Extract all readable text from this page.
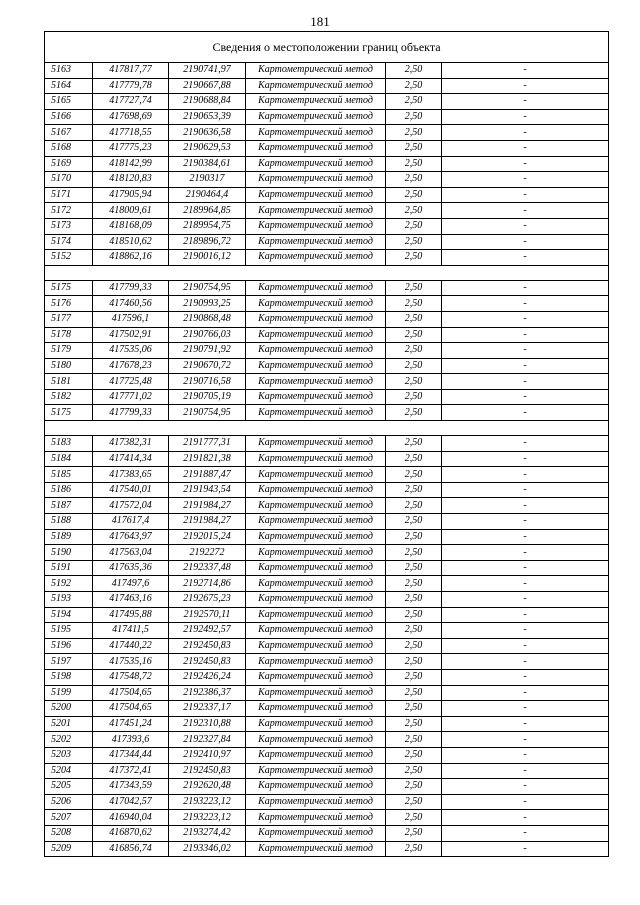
181
Сведения о местоположении границ объекта					
5163	417817,77	2190741,97	Картометрический метод	2,50	-
5164	417779,78	2190667,88	Картометрический метод	2,50	-
5165	417727,74	2190688,84	Картометрический метод	2,50	-
5166	417698,69	2190653,39	Картометрический метод	2,50	-
5167	417718,55	2190636,58	Картометрический метод	2,50	-
5168	417775,23	2190629,53	Картометрический метод	2,50	-
5169	418142,99	2190384,61	Картометрический метод	2,50	-
5170	418120,83	2190317	Картометрический метод	2,50	-
5171	417905,94	2190464,4	Картометрический метод	2,50	-
5172	418009,61	2189964,85	Картометрический метод	2,50	-
5173	418168,09	2189954,75	Картометрический метод	2,50	-
5174	418510,62	2189896,72	Картометрический метод	2,50	-
5152	418862,16	2190016,12	Картометрический метод	2,50	-

5175	417799,33	2190754,95	Картометрический метод	2,50	-
5176	417460,56	2190993,25	Картометрический метод	2,50	-
5177	417596,1	2190868,48	Картометрический метод	2,50	-
5178	417502,91	2190766,03	Картометрический метод	2,50	-
5179	417535,06	2190791,92	Картометрический метод	2,50	-
5180	417678,23	2190670,72	Картометрический метод	2,50	-
5181	417725,48	2190716,58	Картометрический метод	2,50	-
5182	417771,02	2190705,19	Картометрический метод	2,50	-
5175	417799,33	2190754,95	Картометрический метод	2,50	-

5183	417382,31	2191777,31	Картометрический метод	2,50	-
5184	417414,34	2191821,38	Картометрический метод	2,50	-
5185	417383,65	2191887,47	Картометрический метод	2,50	-
5186	417540,01	2191943,54	Картометрический метод	2,50	-
5187	417572,04	2191984,27	Картометрический метод	2,50	-
5188	417617,4	2191984,27	Картометрический метод	2,50	-
5189	417643,97	2192015,24	Картометрический метод	2,50	-
5190	417563,04	2192272	Картометрический метод	2,50	-
5191	417635,36	2192337,48	Картометрический метод	2,50	-
5192	417497,6	2192714,86	Картометрический метод	2,50	-
5193	417463,16	2192675,23	Картометрический метод	2,50	-
5194	417495,88	2192570,11	Картометрический метод	2,50	-
5195	417411,5	2192492,57	Картометрический метод	2,50	-
5196	417440,22	2192450,83	Картометрический метод	2,50	-
5197	417535,16	2192450,83	Картометрический метод	2,50	-
5198	417548,72	2192426,24	Картометрический метод	2,50	-
5199	417504,65	2192386,37	Картометрический метод	2,50	-
5200	417504,65	2192337,17	Картометрический метод	2,50	-
5201	417451,24	2192310,88	Картометрический метод	2,50	-
5202	417393,6	2192327,84	Картометрический метод	2,50	-
5203	417344,44	2192410,97	Картометрический метод	2,50	-
5204	417372,41	2192450,83	Картометрический метод	2,50	-
5205	417343,59	2192620,48	Картометрический метод	2,50	-
5206	417042,57	2193223,12	Картометрический метод	2,50	-
5207	416940,04	2193223,12	Картометрический метод	2,50	-
5208	416870,62	2193274,42	Картометрический метод	2,50	-
5209	416856,74	2193346,02	Картометрический метод	2,50	-
